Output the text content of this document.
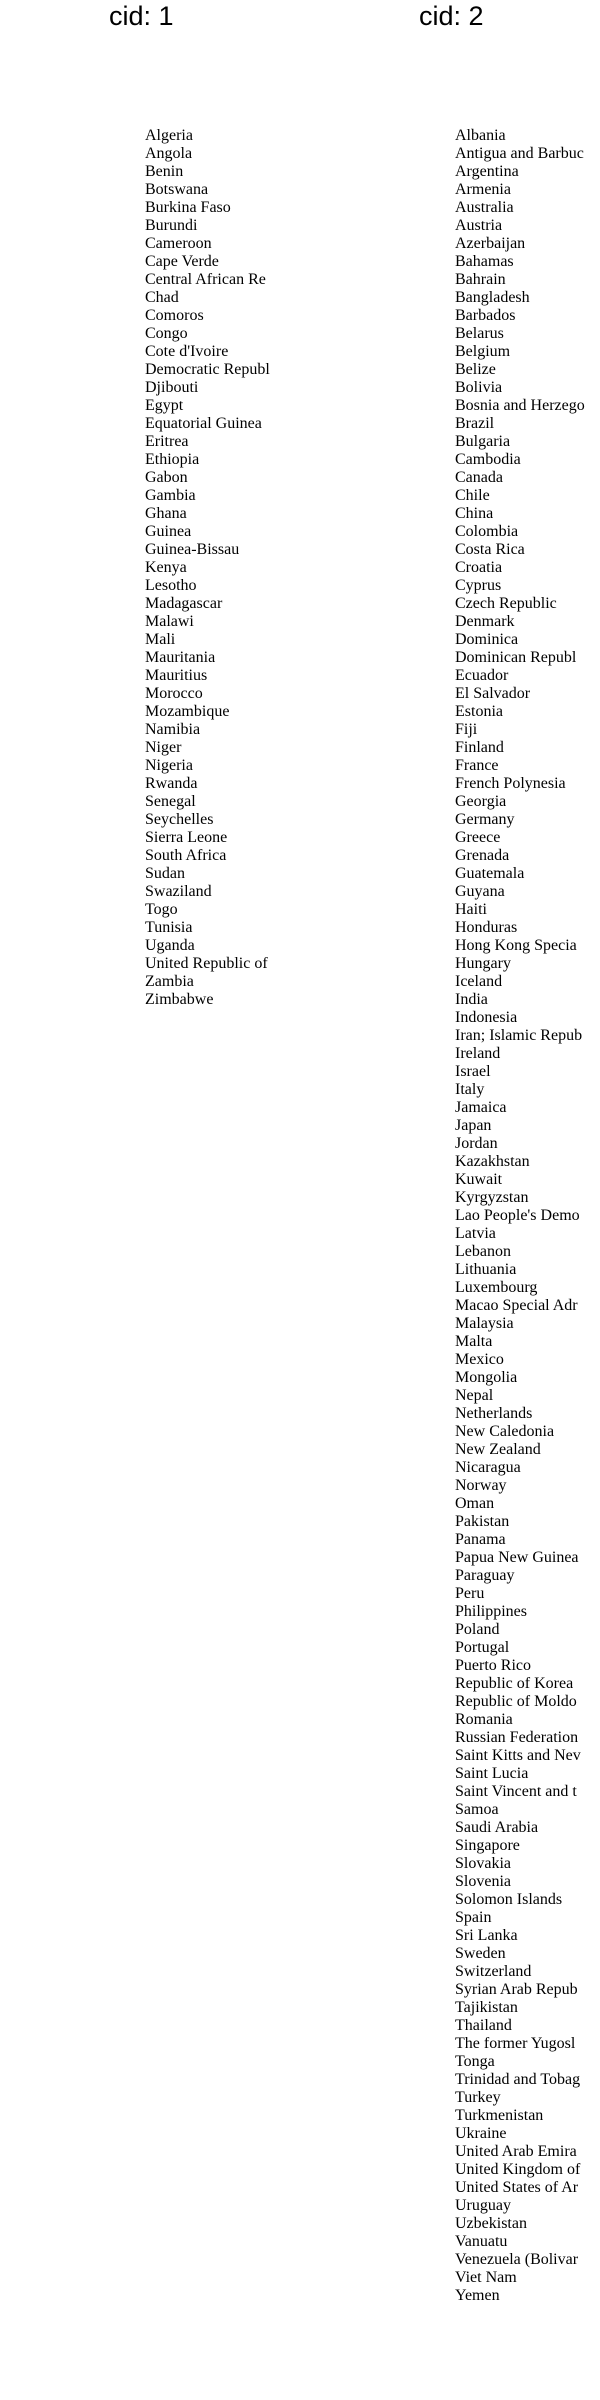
cid: 1	cid: 2
Algeria
Angola
Benin
Botswana
Burkina Faso
Burundi
Cameroon
Cape Verde
Central African Re
Chad
Comoros
Congo
Cote d'Ivoire
Democratic Republ
Djibouti
Egypt
Equatorial Guinea
Eritrea
Ethiopia
Gabon
Gambia
Ghana
Guinea
Guinea-Bissau
Kenya
Lesotho
Madagascar
Malawi
Mali
Mauritania
Mauritius
Morocco
Mozambique
Namibia
Niger
Nigeria
Rwanda
Senegal
Seychelles
Sierra Leone
South Africa
Sudan
Swaziland
Togo
Tunisia
Uganda
United Republic of
Zambia
Zimbabwe
Albania
Antigua and Barbuc
Argentina
Armenia
Australia
Austria
Azerbaijan
Bahamas
Bahrain
Bangladesh
Barbados
Belarus
Belgium
Belize
Bolivia
Bosnia and Herzego
Brazil
Bulgaria
Cambodia
Canada
Chile
China
Colombia
Costa Rica
Croatia
Cyprus
Czech Republic
Denmark
Dominica
Dominican Republ
Ecuador
El Salvador
Estonia
Fiji
Finland
France
French Polynesia
Georgia
Germany
Greece
Grenada
Guatemala
Guyana
Haiti
Honduras
Hong Kong Specia
Hungary
Iceland
India
Indonesia
Iran; Islamic Repub
Ireland
Israel
Italy
Jamaica
Japan
Jordan
Kazakhstan
Kuwait
Kyrgyzstan
Lao People's Demo
Latvia
Lebanon
Lithuania
Luxembourg
Macao Special Adr
Malaysia
Malta
Mexico
Mongolia
Nepal
Netherlands
New Caledonia
New Zealand
Nicaragua
Norway
Oman
Pakistan
Panama
Papua New Guinea
Paraguay
Peru
Philippines
Poland
Portugal
Puerto Rico
Republic of Korea
Republic of Moldo
Romania
Russian Federation
Saint Kitts and Nev
Saint Lucia
Saint Vincent and t
Samoa
Saudi Arabia
Singapore
Slovakia
Slovenia
Solomon Islands
Spain
Sri Lanka
Sweden
Switzerland
Syrian Arab Repub
Tajikistan
Thailand
The former Yugosl
Tonga
Trinidad and Tobag
Turkey
Turkmenistan
Ukraine
United Arab Emira
United Kingdom of
United States of Ar
Uruguay
Uzbekistan
Vanuatu
Venezuela (Bolivar
Viet Nam
Yemen
